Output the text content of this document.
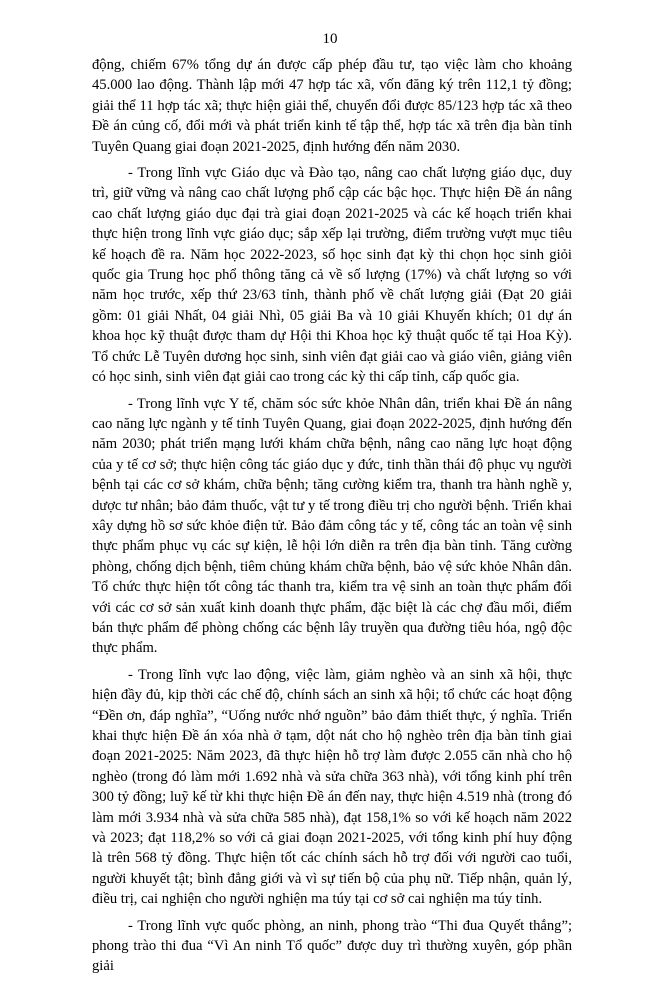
10

động, chiếm 67% tổng dự án được cấp phép đầu tư, tạo việc làm cho khoảng 45.000 lao động. Thành lập mới 47 hợp tác xã, vốn đăng ký trên 112,1 tỷ đồng; giải thể 11 hợp tác xã; thực hiện giải thể, chuyển đổi được 85/123 hợp tác xã theo Đề án củng cố, đổi mới và phát triển kinh tế tập thể, hợp tác xã trên địa bàn tỉnh Tuyên Quang giai đoạn 2021-2025, định hướng đến năm 2030.

- Trong lĩnh vực Giáo dục và Đào tạo, nâng cao chất lượng giáo dục, duy trì, giữ vững và nâng cao chất lượng phổ cập các bậc học. Thực hiện Đề án nâng cao chất lượng giáo dục đại trà giai đoạn 2021-2025 và các kế hoạch triển khai thực hiện trong lĩnh vực giáo dục; sắp xếp lại trường, điểm trường vượt mục tiêu kế hoạch đề ra. Năm học 2022-2023, số học sinh đạt kỳ thi chọn học sinh giỏi quốc gia Trung học phổ thông tăng cả về số lượng (17%) và chất lượng so với năm học trước, xếp thứ 23/63 tỉnh, thành phố về chất lượng giải (Đạt 20 giải gồm: 01 giải Nhất, 04 giải Nhì, 05 giải Ba và 10 giải Khuyến khích; 01 dự án khoa học kỹ thuật được tham dự Hội thi Khoa học kỹ thuật quốc tế tại Hoa Kỳ). Tổ chức Lễ Tuyên dương học sinh, sinh viên đạt giải cao và giáo viên, giảng viên có học sinh, sinh viên đạt giải cao trong các kỳ thi cấp tỉnh, cấp quốc gia.

- Trong lĩnh vực Y tế, chăm sóc sức khỏe Nhân dân, triển khai Đề án nâng cao năng lực ngành y tế tỉnh Tuyên Quang, giai đoạn 2022-2025, định hướng đến năm 2030; phát triển mạng lưới khám chữa bệnh, nâng cao năng lực hoạt động của y tế cơ sở; thực hiện công tác giáo dục y đức, tinh thần thái độ phục vụ người bệnh tại các cơ sở khám, chữa bệnh; tăng cường kiểm tra, thanh tra hành nghề y, dược tư nhân; bảo đảm thuốc, vật tư y tế trong điều trị cho người bệnh. Triển khai xây dựng hồ sơ sức khỏe điện tử. Bảo đảm công tác y tế, công tác an toàn vệ sinh thực phẩm phục vụ các sự kiện, lễ hội lớn diễn ra trên địa bàn tỉnh. Tăng cường phòng, chống dịch bệnh, tiêm chủng khám chữa bệnh, bảo vệ sức khỏe Nhân dân. Tổ chức thực hiện tốt công tác thanh tra, kiểm tra vệ sinh an toàn thực phẩm đối với các cơ sở sản xuất kinh doanh thực phẩm, đặc biệt là các chợ đầu mối, điểm bán thực phẩm để phòng chống các bệnh lây truyền qua đường tiêu hóa, ngộ độc thực phẩm.

- Trong lĩnh vực lao động, việc làm, giảm nghèo và an sinh xã hội, thực hiện đầy đủ, kịp thời các chế độ, chính sách an sinh xã hội; tổ chức các hoạt động “Đền ơn, đáp nghĩa”, “Uống nước nhớ nguồn” bảo đảm thiết thực, ý nghĩa. Triển khai thực hiện Đề án xóa nhà ở tạm, dột nát cho hộ nghèo trên địa bàn tỉnh giai đoạn 2021-2025: Năm 2023, đã thực hiện hỗ trợ làm được 2.055 căn nhà cho hộ nghèo (trong đó làm mới 1.692 nhà và sửa chữa 363 nhà), với tổng kinh phí trên 300 tỷ đồng; luỹ kế từ khi thực hiện Đề án đến nay, thực hiện 4.519 nhà (trong đó làm mới 3.934 nhà và sửa chữa 585 nhà), đạt 158,1% so với kế hoạch năm 2022 và 2023; đạt 118,2% so với cả giai đoạn 2021-2025, với tổng kinh phí huy động là trên 568 tỷ đồng. Thực hiện tốt các chính sách hỗ trợ đối với người cao tuổi, người khuyết tật; bình đẳng giới và vì sự tiến bộ của phụ nữ. Tiếp nhận, quản lý, điều trị, cai nghiện cho người nghiện ma túy tại cơ sở cai nghiện ma túy tỉnh.

- Trong lĩnh vực quốc phòng, an ninh, phong trào “Thi đua Quyết thắng”; phong trào thi đua “Vì An ninh Tổ quốc” được duy trì thường xuyên, góp phần giải
